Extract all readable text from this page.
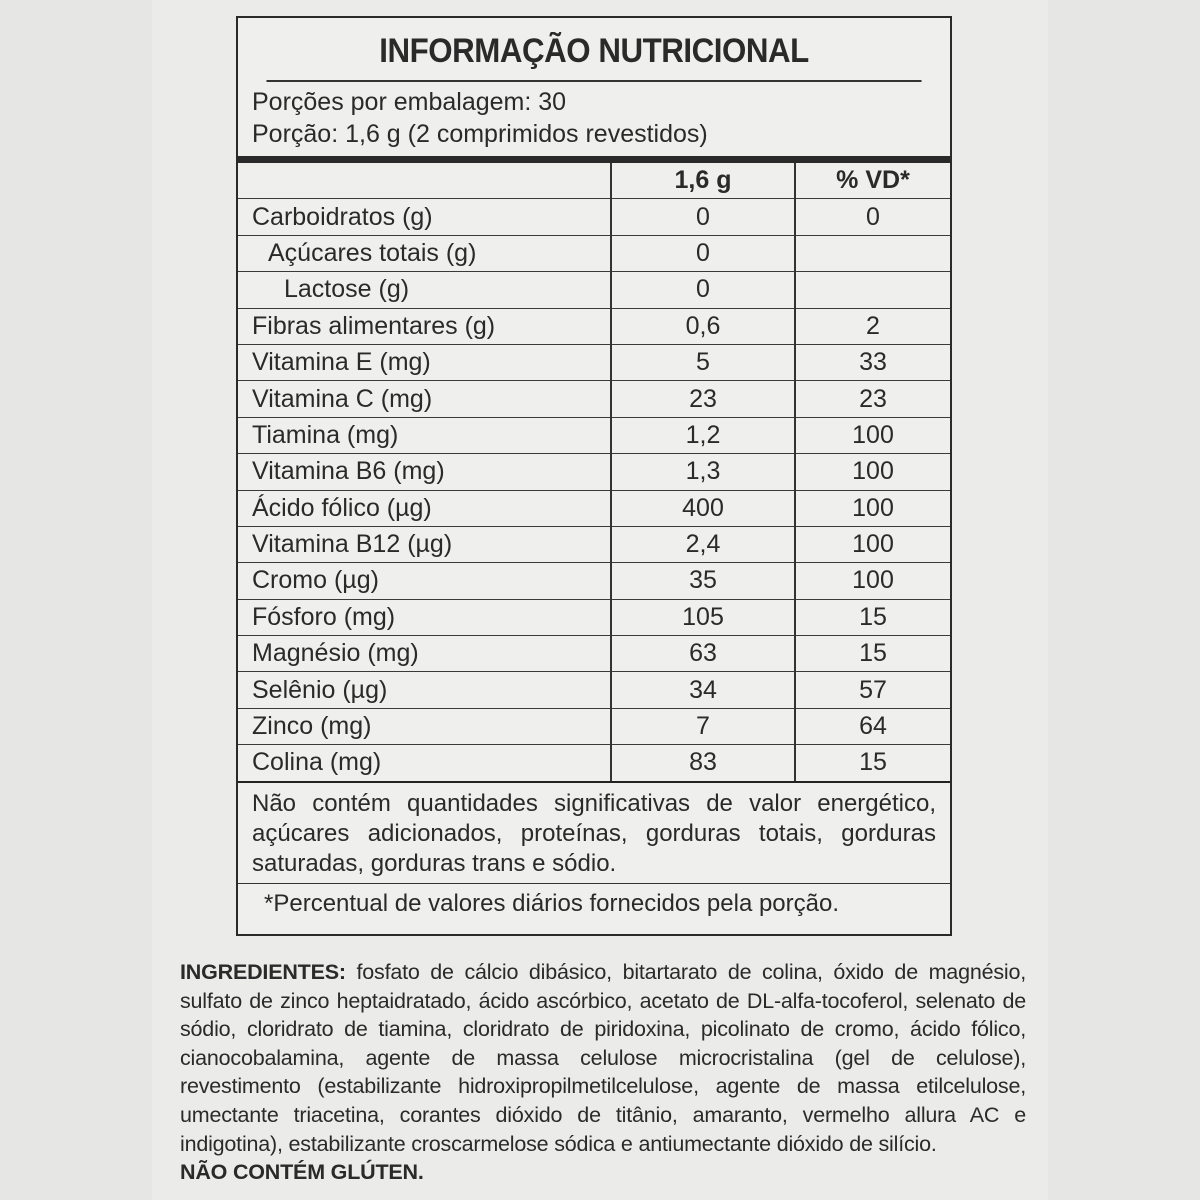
INFORMAÇÃO NUTRICIONAL
Porções por embalagem: 30
Porção: 1,6 g (2 comprimidos revestidos)
	1,6 g	% VD*
Carboidratos (g)	0	0
Açúcares totais (g)	0	
Lactose (g)	0	
Fibras alimentares (g)	0,6	2
Vitamina E (mg)	5	33
Vitamina C (mg)	23	23
Tiamina (mg)	1,2	100
Vitamina B6 (mg)	1,3	100
Ácido fólico (µg)	400	100
Vitamina B12 (µg)	2,4	100
Cromo (µg)	35	100
Fósforo (mg)	105	15
Magnésio (mg)	63	15
Selênio (µg)	34	57
Zinco (mg)	7	64
Colina (mg)	83	15
Não contém quantidades significativas de valor energético, açúcares adicionados, proteínas, gorduras totais, gorduras saturadas, gorduras trans e sódio.
*Percentual de valores diários fornecidos pela porção.
INGREDIENTES: fosfato de cálcio dibásico, bitartarato de colina, óxido de magnésio, sulfato de zinco heptaidratado, ácido ascórbico, acetato de DL-alfa-tocoferol, selenato de sódio, cloridrato de tiamina, cloridrato de piridoxina, picolinato de cromo, ácido fólico, cianocobalamina, agente de massa celulose microcristalina (gel de celulose), revestimento (estabilizante hidroxipropilmetilcelulose, agente de massa etilcelulose, umectante triacetina, corantes dióxido de titânio, amaranto, vermelho allura AC e indigotina), estabilizante croscarmelose sódica e antiumectante dióxido de silício.
NÃO CONTÉM GLÚTEN.
